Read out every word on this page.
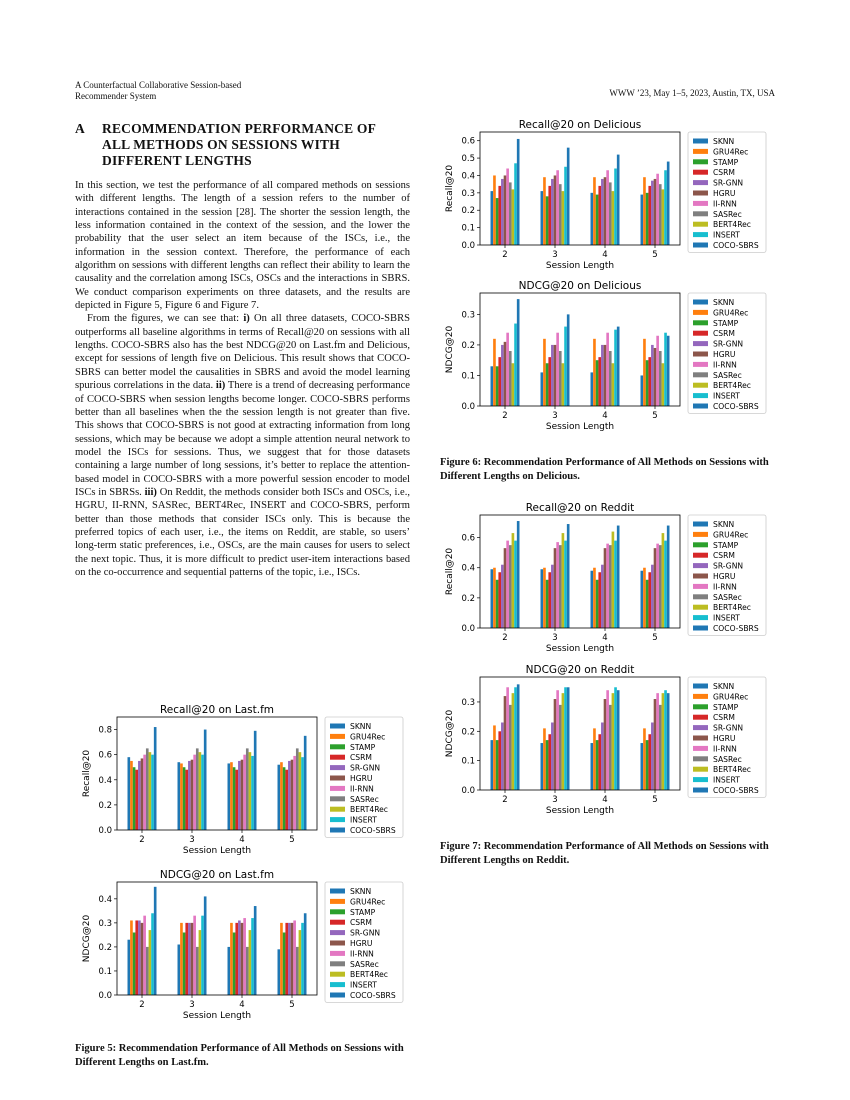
A Counterfactual Collaborative Session-based
Recommender System	WWW ’23, May 1–5, 2023, Austin, TX, USA
A RECOMMENDATION PERFORMANCE OF
ALL METHODS ON SESSIONS WITH
DIFFERENT LENGTHS

In this section, we test the performance of all compared methods on sessions with different lengths. The length of a session refers to the number of interactions contained in the session [28]. The shorter the session length, the less information contained in the context of the session, and the lower the probability that the user select an item because of the ISCs, i.e., the information in the session context. Therefore, the performance of each algorithm on sessions with different lengths can reflect their ability to learn the causality and the correlation among ISCs, OSCs and the interactions in SBRS. We conduct comparison experiments on three datasets, and the results are depicted in Figure 5, Figure 6 and Figure 7.

From the figures, we can see that: i) On all three datasets, COCO-SBRS outperforms all baseline algorithms in terms of Recall@20 on sessions with all lengths. COCO-SBRS also has the best NDCG@20 on Last.fm and Delicious, except for sessions of length five on Delicious. This result shows that COCO-SBRS can better model the causalities in SBRS and avoid the model learning spurious correlations in the data. ii) There is a trend of decreasing performance of COCO-SBRS when session lengths become longer. COCO-SBRS performs better than all baselines when the the session length is not greater than five. This shows that COCO-SBRS is not good at extracting information from long sessions, which may be because we adopt a simple attention neural network to model the ISCs for sessions. Thus, we suggest that for those datasets containing a large number of long sessions, it’s better to replace the attention-based model in COCO-SBRS with a more powerful session encoder to model ISCs in SBRSs. iii) On Reddit, the methods consider both ISCs and OSCs, i.e., HGRU, II-RNN, SASRec, BERT4Rec, INSERT and COCO-SBRS, perform better than those methods that consider ISCs only. This is because the preferred topics of each user, i.e., the items on Reddit, are stable, so users’ long-term static preferences, i.e., OSCs, are the main causes for users to select the next topic. Thus, it is more difficult to predict user-item interactions based on the co-occurrence and sequential patterns of the topic, i.e., ISCs.

Recall@20 on Last.fm
0.0
0.2
0.4
0.6
0.8
Recall@20
2	3	4	5
Session Length
SKNN
GRU4Rec
STAMP
CSRM
SR-GNN
HGRU
II-RNN
SASRec
BERT4Rec
INSERT
COCO-SBRS
NDCG@20 on Last.fm
0.0
0.1
0.2
0.3
0.4
NDCG@20
2	3	4	5
Session Length
SKNN
GRU4Rec
STAMP
CSRM
SR-GNN
HGRU
II-RNN
SASRec
BERT4Rec
INSERT
COCO-SBRS
Figure 5: Recommendation Performance of All Methods on Sessions with Different Lengths on Last.fm.
Recall@20 on Delicious
0.0
0.1
0.2
0.3
0.4
0.5
0.6
Recall@20
2	3	4	5
Session Length
SKNN
GRU4Rec
STAMP
CSRM
SR-GNN
HGRU
II-RNN
SASRec
BERT4Rec
INSERT
COCO-SBRS
NDCG@20 on Delicious
0.0
0.1
0.2
0.3
NDCG@20
2	3	4	5
Session Length
SKNN
GRU4Rec
STAMP
CSRM
SR-GNN
HGRU
II-RNN
SASRec
BERT4Rec
INSERT
COCO-SBRS
Figure 6: Recommendation Performance of All Methods on Sessions with Different Lengths on Delicious.
Recall@20 on Reddit
0.0
0.2
0.4
0.6
Recall@20
2	3	4	5
Session Length
SKNN
GRU4Rec
STAMP
CSRM
SR-GNN
HGRU
II-RNN
SASRec
BERT4Rec
INSERT
COCO-SBRS
NDCG@20 on Reddit
0.0
0.1
0.2
0.3
NDCG@20
2	3	4	5
Session Length
SKNN
GRU4Rec
STAMP
CSRM
SR-GNN
HGRU
II-RNN
SASRec
BERT4Rec
INSERT
COCO-SBRS
Figure 7: Recommendation Performance of All Methods on Sessions with Different Lengths on Reddit.
